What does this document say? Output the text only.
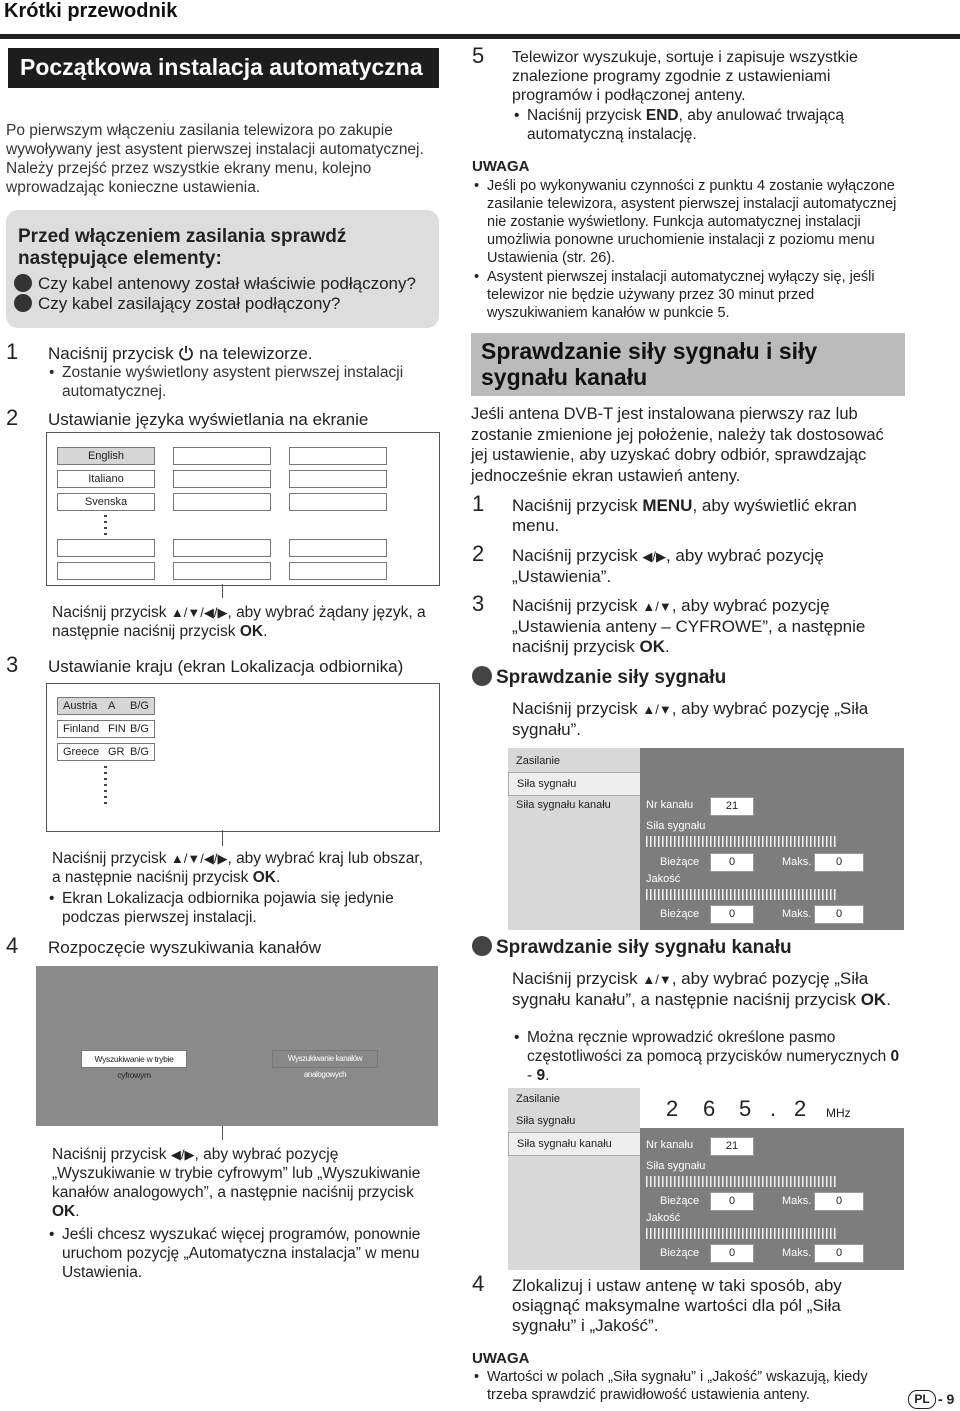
Krótki przewodnik
Początkowa instalacja automatyczna
Po pierwszym włączeniu zasilania telewizora po zakupie wywoływany jest asystent pierwszej instalacji automatycznej. Należy przejść przez wszystkie ekrany menu, kolejno wprowadzając konieczne ustawienia.
Przed włączeniem zasilania sprawdź następujące elementy:
Czy kabel antenowy został właściwie podłączony?
Czy kabel zasilający został podłączony?
1 Naciśnij przycisk na telewizorze.
• Zostanie wyświetlony asystent pierwszej instalacji automatycznej.
2 Ustawianie języka wyświetlania na ekranie
English
Italiano
Svenska
Naciśnij przycisk ▲/▼/◀/▶, aby wybrać żądany język, a następnie naciśnij przycisk OK.
3 Ustawianie kraju (ekran Lokalizacja odbiornika)
Austria A B/G
Finland FIN B/G
Greece GR B/G
Naciśnij przycisk ▲/▼/◀/▶, aby wybrać kraj lub obszar, a następnie naciśnij przycisk OK.
• Ekran Lokalizacja odbiornika pojawia się jedynie podczas pierwszej instalacji.
4 Rozpoczęcie wyszukiwania kanałów
Wyszukiwanie w trybie cyfrowym
Wyszukiwanie kanałów analogowych
Naciśnij przycisk ◀/▶, aby wybrać pozycję „Wyszukiwanie w trybie cyfrowym” lub „Wyszukiwanie kanałów analogowych”, a następnie naciśnij przycisk OK.
• Jeśli chcesz wyszukać więcej programów, ponownie uruchom pozycję „Automatyczna instalacja” w menu Ustawienia.
5 Telewizor wyszukuje, sortuje i zapisuje wszystkie znalezione programy zgodnie z ustawieniami programów i podłączonej anteny.
• Naciśnij przycisk END, aby anulować trwającą automatyczną instalację.
UWAGA
• Jeśli po wykonywaniu czynności z punktu 4 zostanie wyłączone zasilanie telewizora, asystent pierwszej instalacji automatycznej nie zostanie wyświetlony. Funkcja automatycznej instalacji umożliwia ponowne uruchomienie instalacji z poziomu menu Ustawienia (str. 26).
• Asystent pierwszej instalacji automatycznej wyłączy się, jeśli telewizor nie będzie używany przez 30 minut przed wyszukiwaniem kanałów w punkcie 5.
Sprawdzanie siły sygnału i siły sygnału kanału
Jeśli antena DVB-T jest instalowana pierwszy raz lub zostanie zmienione jej położenie, należy tak dostosować jej ustawienie, aby uzyskać dobry odbiór, sprawdzając jednocześnie ekran ustawień anteny.
1 Naciśnij przycisk MENU, aby wyświetlić ekran menu.
2 Naciśnij przycisk ◀/▶, aby wybrać pozycję „Ustawienia”.
3 Naciśnij przycisk ▲/▼, aby wybrać pozycję „Ustawienia anteny – CYFROWE”, a następnie naciśnij przycisk OK.
Sprawdzanie siły sygnału
Naciśnij przycisk ▲/▼, aby wybrać pozycję „Siła sygnału”.
Zasilanie
Siła sygnału
Siła sygnału kanału	Nr kanału	21
Siła sygnału
Bieżące	0	Maks.	0
Jakość
Bieżące	0	Maks.	0
Sprawdzanie siły sygnału kanału
Naciśnij przycisk ▲/▼, aby wybrać pozycję „Siła sygnału kanału”, a następnie naciśnij przycisk OK.
• Można ręcznie wprowadzić określone pasmo częstotliwości za pomocą przycisków numerycznych 0 - 9.
Zasilanie
Siła sygnału
Siła sygnału kanału
2 6 5 . 2 MHz
Nr kanału	21
Siła sygnału
Bieżące	0	Maks.	0
Jakość
Bieżące	0	Maks.	0
4 Zlokalizuj i ustaw antenę w taki sposób, aby osiągnąć maksymalne wartości dla pól „Siła sygnału” i „Jakość”.
UWAGA
• Wartości w polach „Siła sygnału” i „Jakość” wskazują, kiedy trzeba sprawdzić prawidłowość ustawienia anteny.	PL - 9
